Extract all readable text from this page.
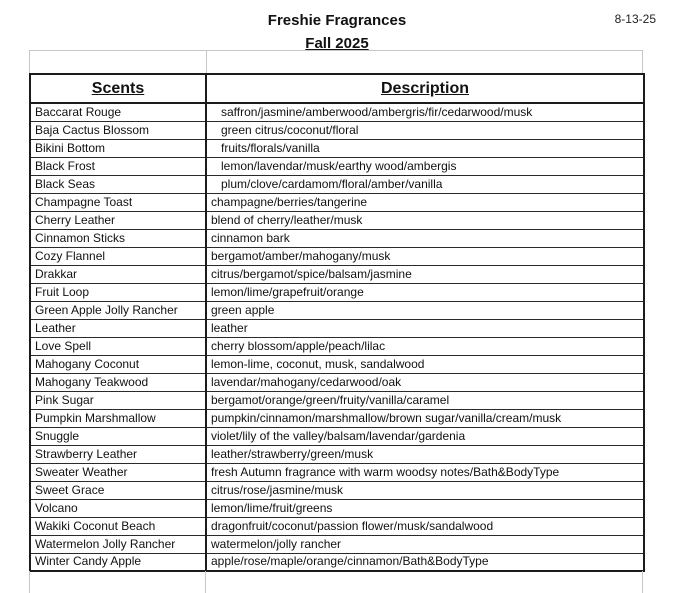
Freshie Fragrances
Fall 2025
8-13-25
Scents	Description
Baccarat Rouge	saffron/jasmine/amberwood/ambergris/fir/cedarwood/musk
Baja Cactus Blossom	green citrus/coconut/floral
Bikini Bottom	fruits/florals/vanilla
Black Frost	lemon/lavendar/musk/earthy wood/ambergis
Black Seas	plum/clove/cardamom/floral/amber/vanilla
Champagne Toast	champagne/berries/tangerine
Cherry Leather	blend of cherry/leather/musk
Cinnamon Sticks	cinnamon bark
Cozy Flannel	bergamot/amber/mahogany/musk
Drakkar	citrus/bergamot/spice/balsam/jasmine
Fruit Loop	lemon/lime/grapefruit/orange
Green Apple Jolly Rancher	green apple
Leather	leather
Love Spell	cherry blossom/apple/peach/lilac
Mahogany Coconut	lemon-lime, coconut, musk, sandalwood
Mahogany Teakwood	lavendar/mahogany/cedarwood/oak
Pink Sugar	bergamot/orange/green/fruity/vanilla/caramel
Pumpkin Marshmallow	pumpkin/cinnamon/marshmallow/brown sugar/vanilla/cream/musk
Snuggle	violet/lily of the valley/balsam/lavendar/gardenia
Strawberry Leather	leather/strawberry/green/musk
Sweater Weather	fresh Autumn fragrance with warm woodsy notes/Bath&BodyType
Sweet Grace	citrus/rose/jasmine/musk
Volcano	lemon/lime/fruit/greens
Wakiki Coconut Beach	dragonfruit/coconut/passion flower/musk/sandalwood
Watermelon Jolly Rancher	watermelon/jolly rancher
Winter Candy Apple	apple/rose/maple/orange/cinnamon/Bath&BodyType
